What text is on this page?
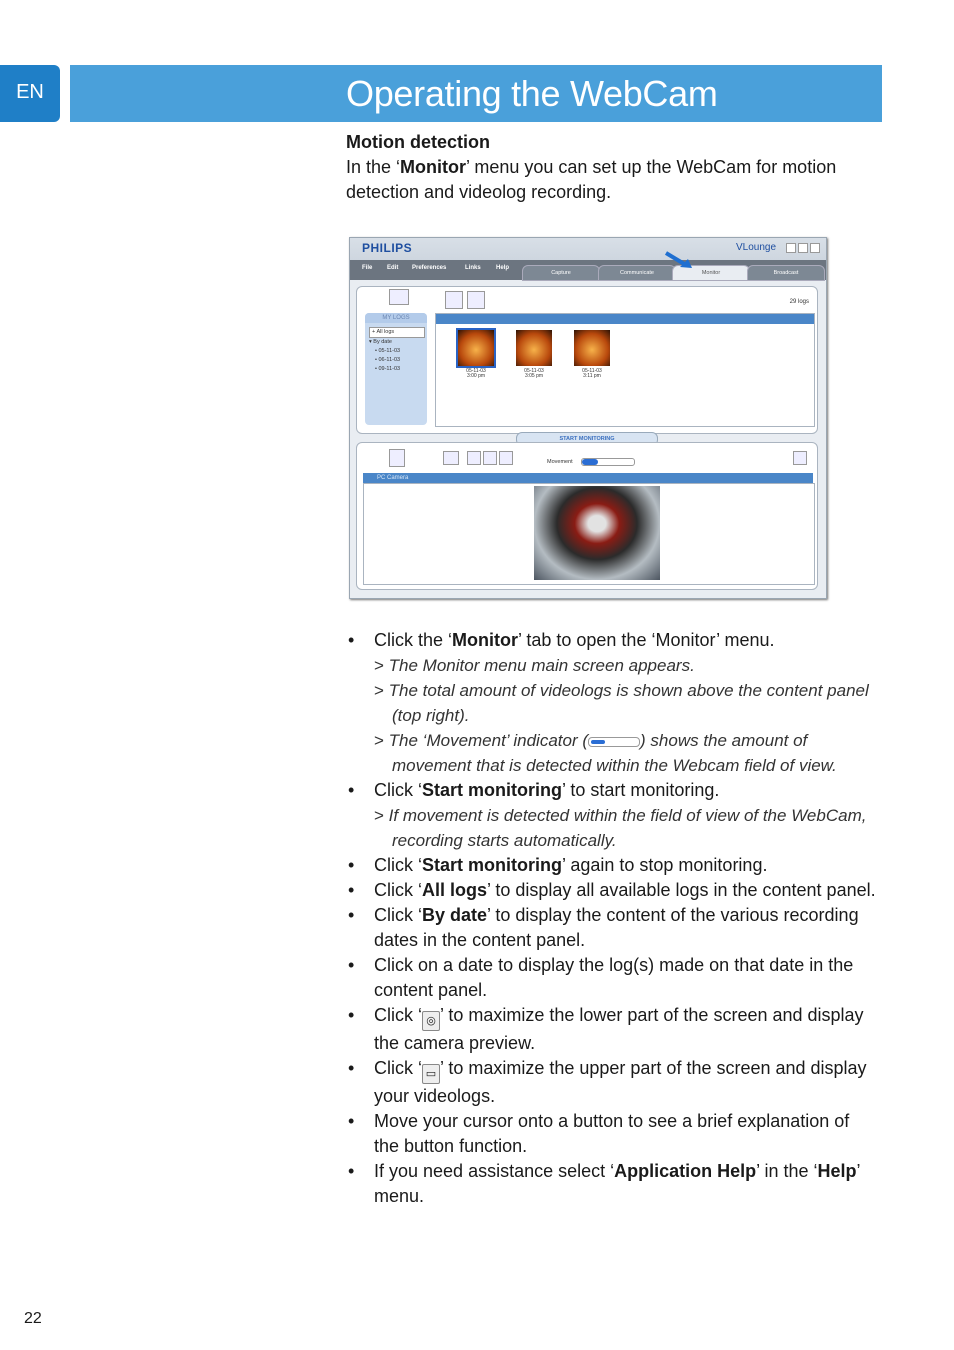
EN	Operating the WebCam
Motion detection

In the ‘Monitor’ menu you can set up the WebCam for motion detection and videolog recording.

PHILIPS	VLounge
File Edit Preferences	Links	Help
Capture	Communicate	Monitor	Broadcast
29 logs
MY LOGS
+ All logs
▾ By date
• 05-11-03
• 06-11-03
• 09-11-03	05-11-03
3:00 pm
05-11-03
3:05 pm
05-11-03
3:11 pm
START MONITORING
Movement
PC Camera
• Click the ‘Monitor’ tab to open the ‘Monitor’ menu.
> The Monitor menu main screen appears.
> The total amount of videologs is shown above the content panel (top right).
> The ‘Movement’ indicator (	) shows the amount of movement that is detected within the Webcam field of view.
• Click ‘Start monitoring’ to start monitoring.
> If movement is detected within the field of view of the WebCam, recording starts automatically.
• Click ‘Start monitoring’ again to stop monitoring.
• Click ‘All logs’ to display all available logs in the content panel.
• Click ‘By date’ to display the content of the various recording dates in the content panel.
• Click on a date to display the log(s) made on that date in the content panel.
• Click ‘ ◎ ’ to maximize the lower part of the screen and display the camera preview.
• Click ‘ ▭ ’ to maximize the upper part of the screen and display your videologs.
• Move your cursor onto a button to see a brief explanation of the button function.
• If you need assistance select ‘Application Help’ in the ‘Help’ menu.
22
